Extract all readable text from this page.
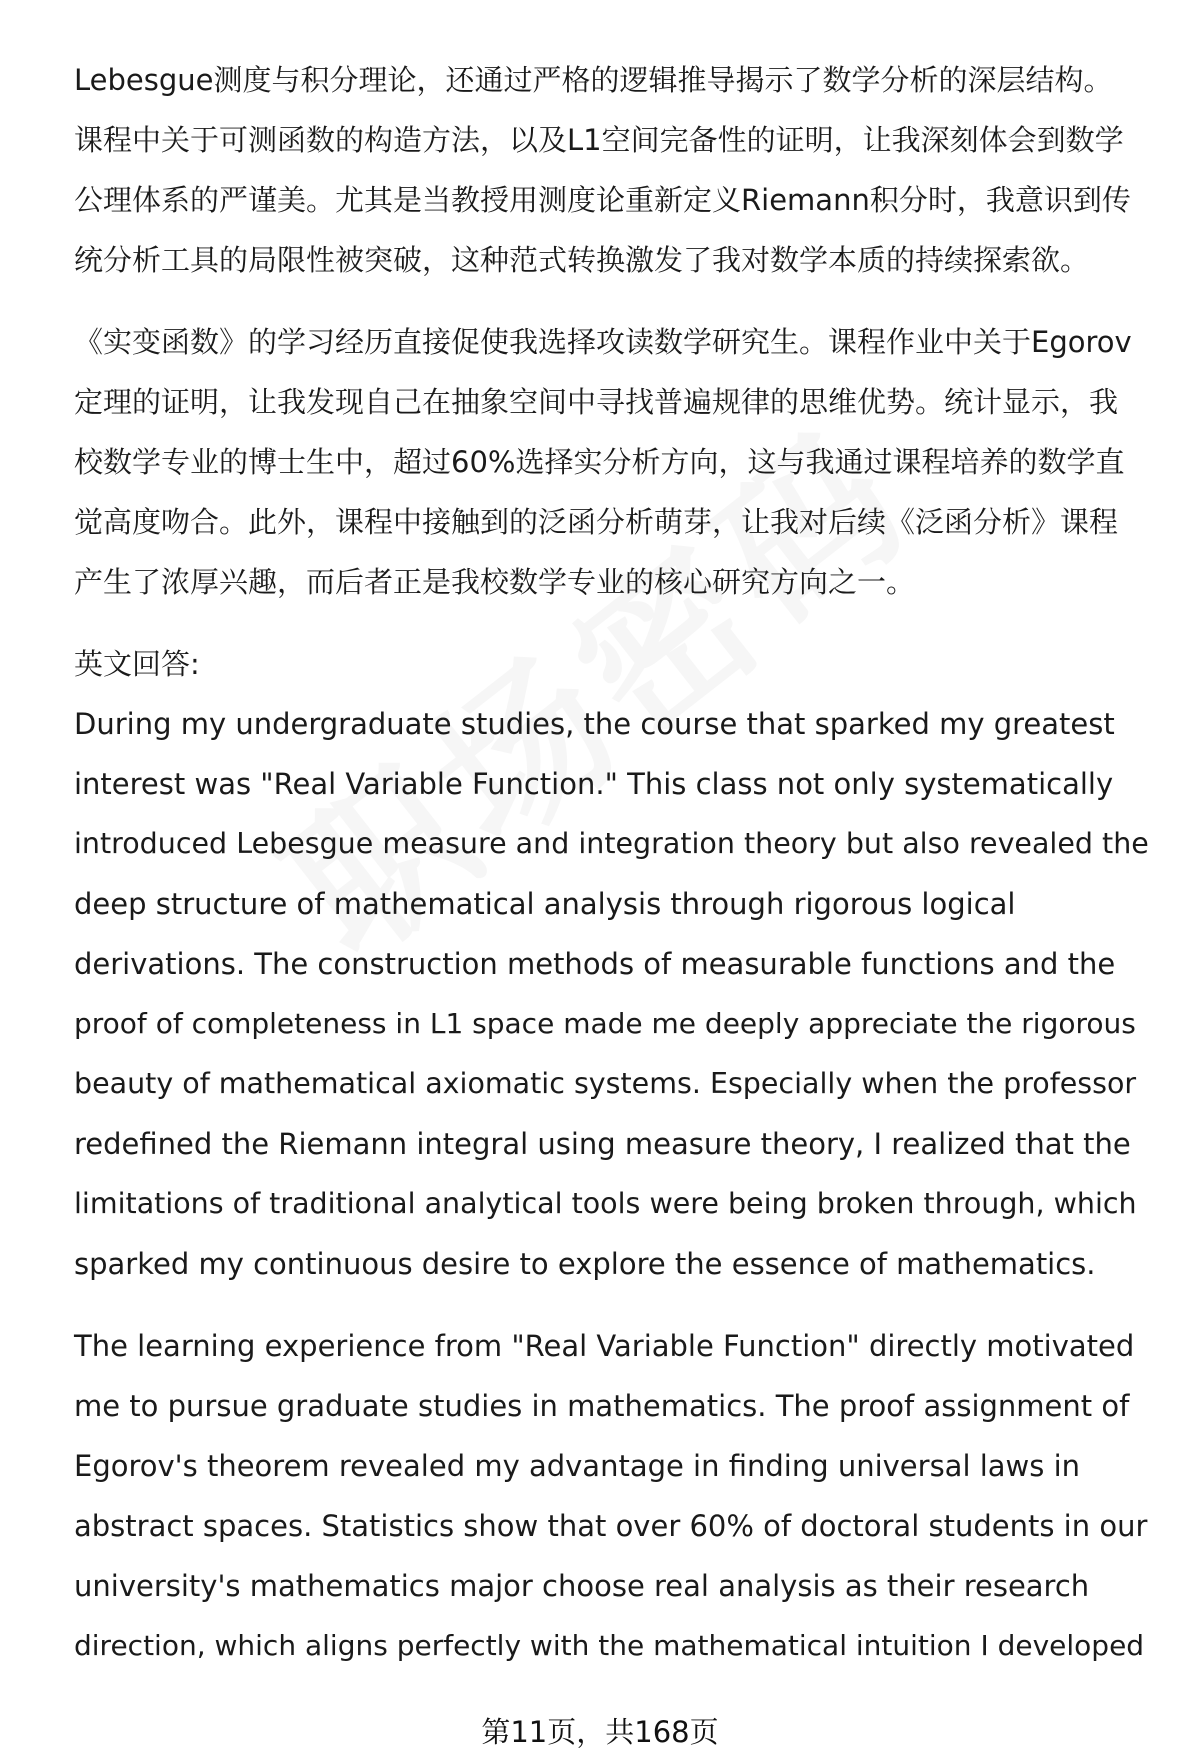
Lebesgue测度与积分理论，还通过严格的逻辑推导揭示了数学分析的深层结构。
课程中关于可测函数的构造方法，以及L1空间完备性的证明，让我深刻体会到数学
公理体系的严谨美。尤其是当教授用测度论重新定义Riemann积分时，我意识到传
统分析工具的局限性被突破，这种范式转换激发了我对数学本质的持续探索欲。
《实变函数》的学习经历直接促使我选择攻读数学研究生。课程作业中关于Egorov
定理的证明，让我发现自己在抽象空间中寻找普遍规律的思维优势。统计显示，我
校数学专业的博士生中，超过60%选择实分析方向，这与我通过课程培养的数学直
觉高度吻合。此外，课程中接触到的泛函分析萌芽，让我对后续《泛函分析》课程
产生了浓厚兴趣，而后者正是我校数学专业的核心研究方向之一。
英文回答:
During my undergraduate studies, the course that sparked my greatest
interest was "Real Variable Function." This class not only systematically
introduced Lebesgue measure and integration theory but also revealed the
deep structure of mathematical analysis through rigorous logical
derivations. The construction methods of measurable functions and the
proof of completeness in L1 space made me deeply appreciate the rigorous
beauty of mathematical axiomatic systems. Especially when the professor
redefined the Riemann integral using measure theory, I realized that the
limitations of traditional analytical tools were being broken through, which
sparked my continuous desire to explore the essence of mathematics.
The learning experience from "Real Variable Function" directly motivated
me to pursue graduate studies in mathematics. The proof assignment of
Egorov's theorem revealed my advantage in finding universal laws in
abstract spaces. Statistics show that over 60% of doctoral students in our
university's mathematics major choose real analysis as their research
direction, which aligns perfectly with the mathematical intuition I developed
第11页，共168页
